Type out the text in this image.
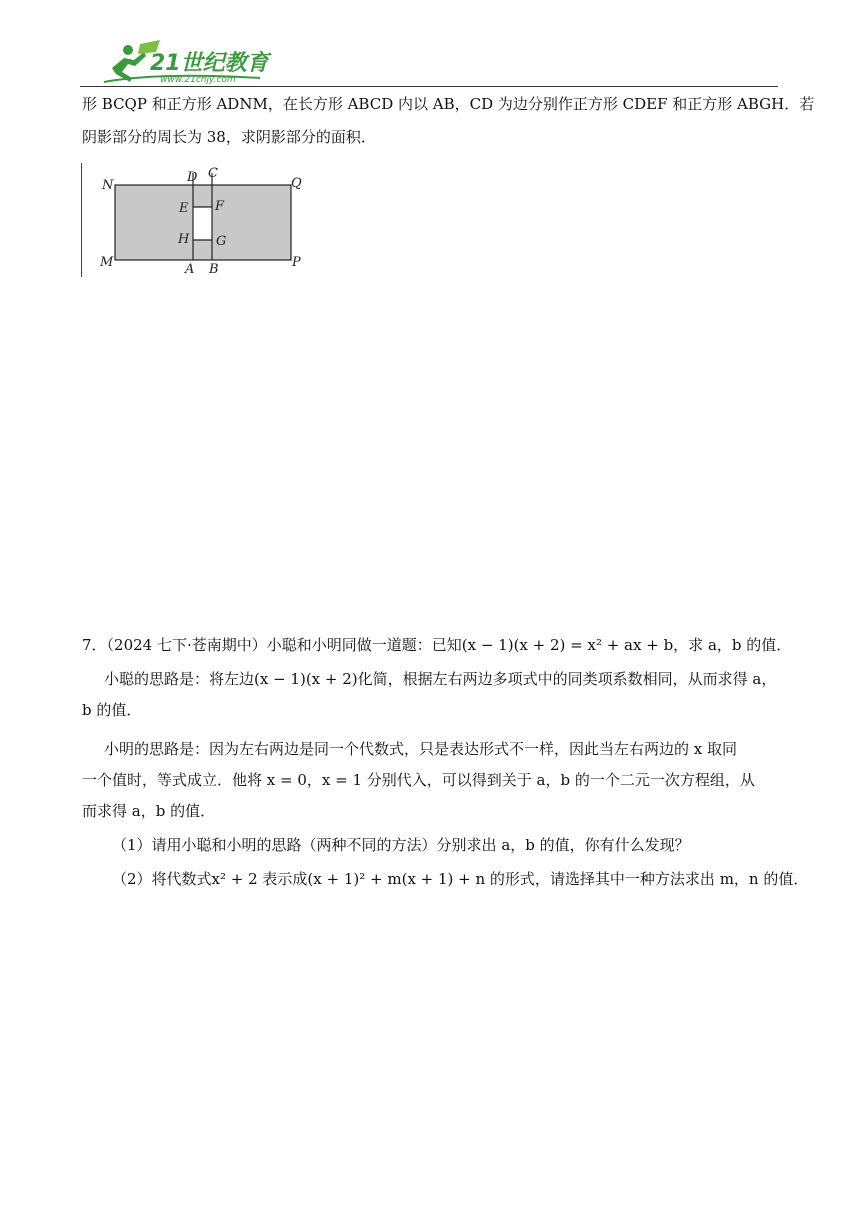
21世纪教育
www.21cnjy.com
形 BCQP 和正方形 ADNM，在长方形 ABCD 内以 AB，CD 为边分别作正方形 CDEF 和正方形 ABGH．若
阴影部分的周长为 38，求阴影部分的面积．
N
D C
Q
E F
H G
M	A B	P
7．（2024 七下·苍南期中）小聪和小明同做一道题：已知(x − 1)(x + 2) = x² + ax + b，求 a，b 的值．
小聪的思路是：将左边(x − 1)(x + 2)化简，根据左右两边多项式中的同类项系数相同，从而求得 a，
b 的值．
小明的思路是：因为左右两边是同一个代数式，只是表达形式不一样，因此当左右两边的 x 取同
一个值时，等式成立．他将 x = 0，x = 1 分别代入，可以得到关于 a，b 的一个二元一次方程组，从
而求得 a，b 的值．
（1）请用小聪和小明的思路（两种不同的方法）分别求出 a，b 的值，你有什么发现？
（2）将代数式x² + 2 表示成(x + 1)² + m(x + 1) + n 的形式，请选择其中一种方法求出 m，n 的值．
